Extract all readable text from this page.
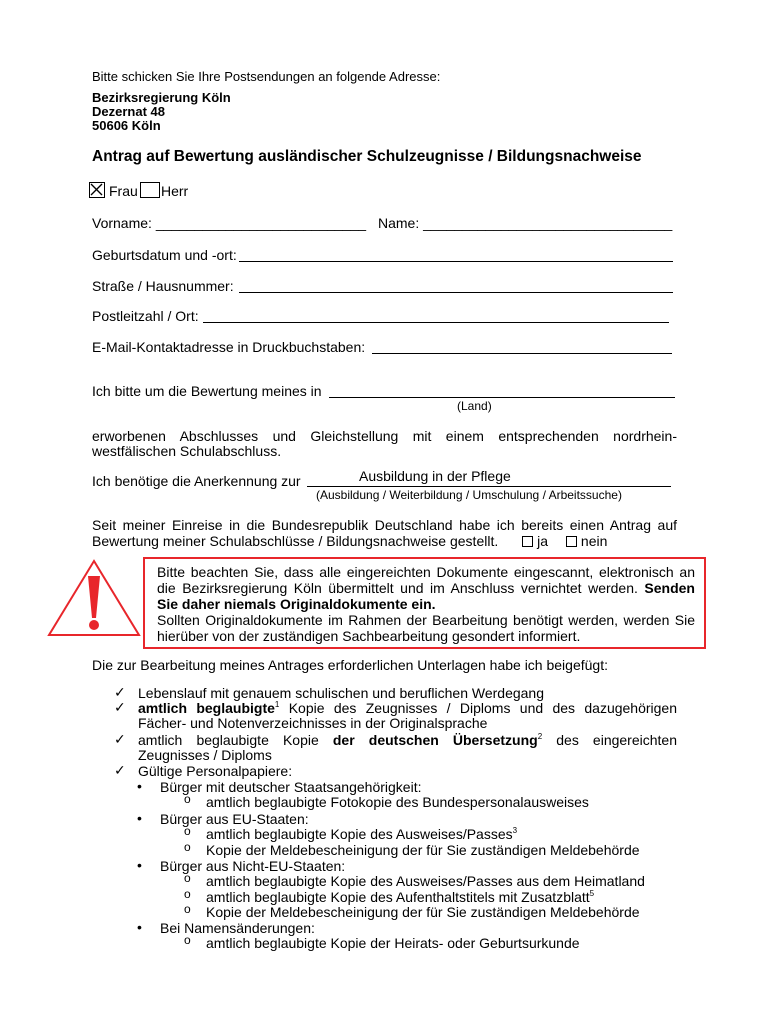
Bitte schicken Sie Ihre Postsendungen an folgende Adresse:
Bezirksregierung Köln
Dezernat 48
50606 Köln
Antrag auf Bewertung ausländischer Schulzeugnisse / Bildungsnachweise
Frau Herr
Vorname: ___________________________ Name: ________________________________
Geburtsdatum und -ort:
Straße / Hausnummer:
Postleitzahl / Ort:
E-Mail-Kontaktadresse in Druckbuchstaben:
Ich bitte um die Bewertung meines in
(Land)
erworbenen Abschlusses und Gleichstellung mit einem entsprechenden nordrhein-
westfälischen Schulabschluss.
Ich benötige die Anerkennung zur	Ausbildung in der Pflege
(Ausbildung / Weiterbildung / Umschulung / Arbeitssuche)
Seit meiner Einreise in die Bundesrepublik Deutschland habe ich bereits einen Antrag auf
Bewertung meiner Schulabschlüsse / Bildungsnachweise gestellt.	ja nein
Bitte beachten Sie, dass alle eingereichten Dokumente eingescannt, elektronisch an
die Bezirksregierung Köln übermittelt und im Anschluss vernichtet werden. Senden
Sie daher niemals Originaldokumente ein.
Sollten Originaldokumente im Rahmen der Bearbeitung benötigt werden, werden Sie
hierüber von der zuständigen Sachbearbeitung gesondert informiert.
Die zur Bearbeitung meines Antrages erforderlichen Unterlagen habe ich beigefügt:
✓ Lebenslauf mit genauem schulischen und beruflichen Werdegang
✓ amtlich beglaubigte$^1$ Kopie des Zeugnisses / Diploms und des dazugehörigen
Fächer- und Notenverzeichnisses in der Originalsprache
✓ amtlich beglaubigte Kopie der deutschen Übersetzung$^2$ des eingereichten
Zeugnisses / Diploms
✓ Gültige Personalpapiere:
• Bürger mit deutscher Staatsangehörigkeit:
o amtlich beglaubigte Fotokopie des Bundespersonalausweises
• Bürger aus EU-Staaten:
o amtlich beglaubigte Kopie des Ausweises/Passes$^3$
o Kopie der Meldebescheinigung der für Sie zuständigen Meldebehörde
• Bürger aus Nicht-EU-Staaten:
o amtlich beglaubigte Kopie des Ausweises/Passes aus dem Heimatland
o amtlich beglaubigte Kopie des Aufenthaltstitels mit Zusatzblatt$^5$
o Kopie der Meldebescheinigung der für Sie zuständigen Meldebehörde
• Bei Namensänderungen:
o amtlich beglaubigte Kopie der Heirats- oder Geburtsurkunde
